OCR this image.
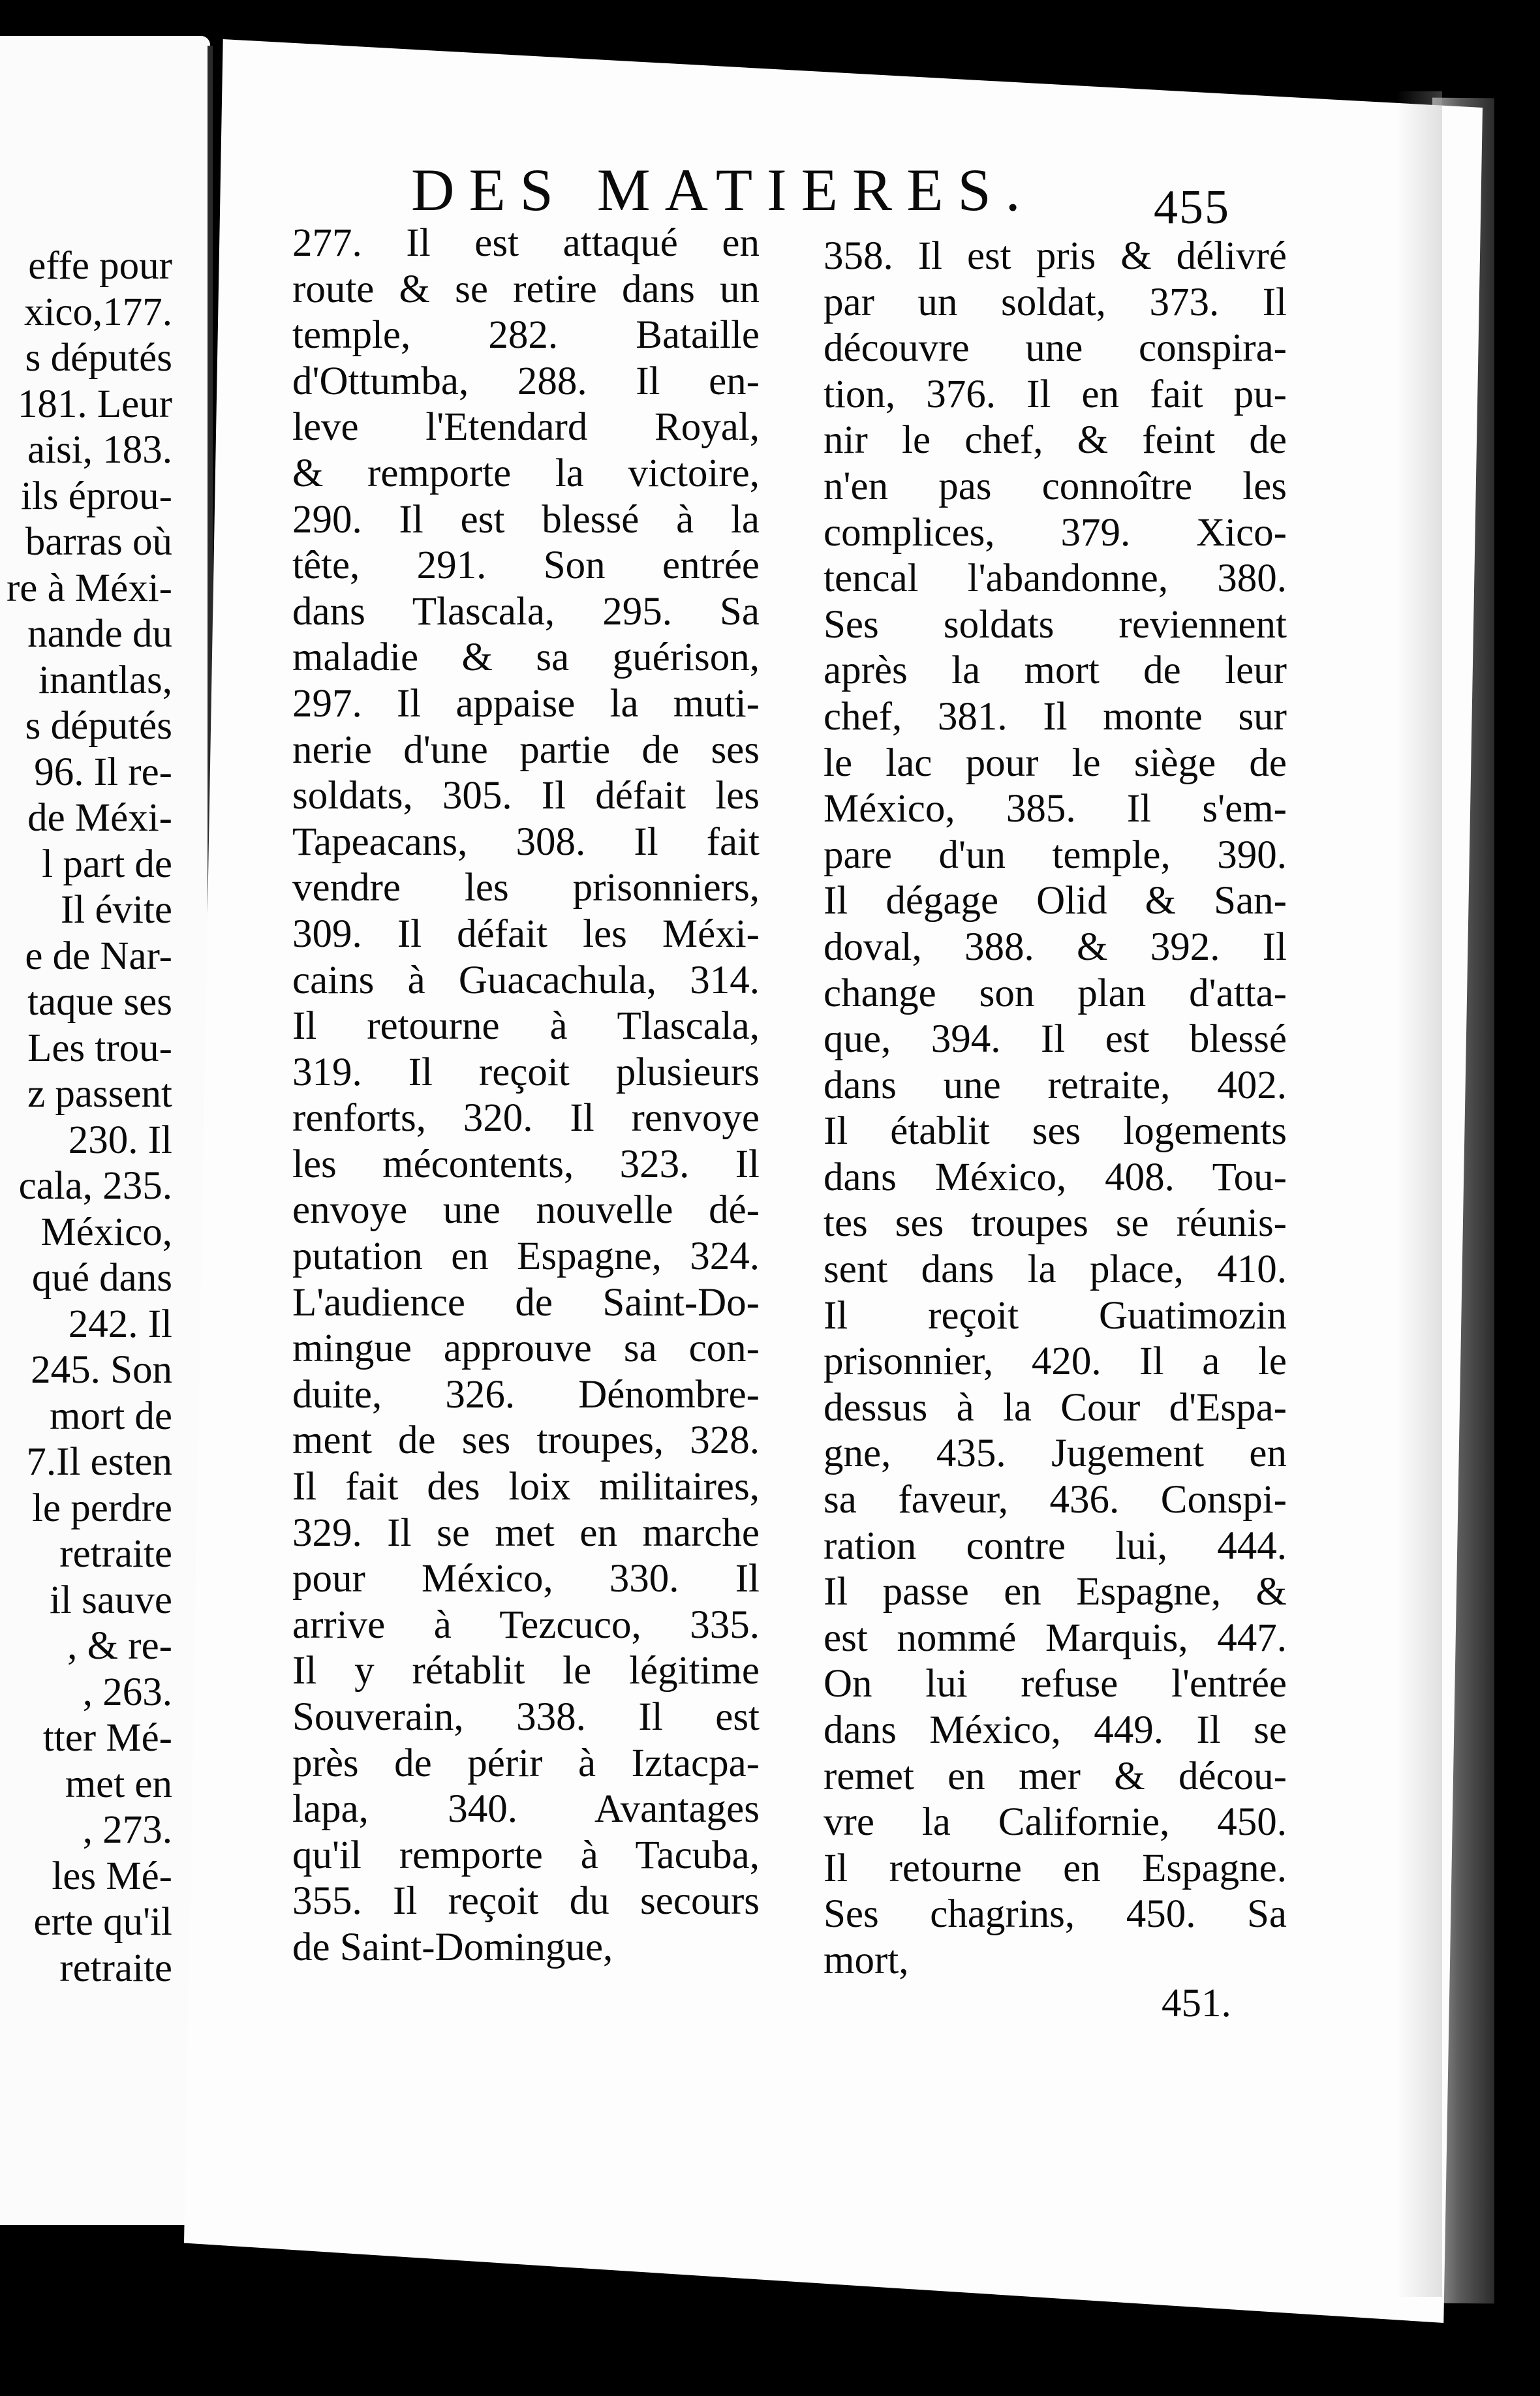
effe pour
xico,177.
s députés
181. Leur
aisi, 183.
ils éprou-
barras où
re à Méxi-
nande du
inantlas,
s députés
96. Il re-
de Méxi-
l part de
Il évite
e de Nar-
taque ses
Les trou-
z passent
230. Il
cala, 235.
México,
qué dans
242. Il
245. Son
mort de
7.Il esten
le perdre
retraite
il sauve
, & re-
, 263.
tter Mé-
met en
, 273.
les Mé-
erte qu'il
retraite
DES MATIERES.	455
277. Il est attaqué en
route & se retire dans un
temple, 282. Bataille
d'Ottumba, 288. Il en-
leve l'Etendard Royal,
& remporte la victoire,
290. Il est blessé à la
tête, 291. Son entrée
dans Tlascala, 295. Sa
maladie & sa guérison,
297. Il appaise la muti-
nerie d'une partie de ses
soldats, 305. Il défait les
Tapeacans, 308. Il fait
vendre les prisonniers,
309. Il défait les Méxi-
cains à Guacachula, 314.
Il retourne à Tlascala,
319. Il reçoit plusieurs
renforts, 320. Il renvoye
les mécontents, 323. Il
envoye une nouvelle dé-
putation en Espagne, 324.
L'audience de Saint-Do-
mingue approuve sa con-
duite, 326. Dénombre-
ment de ses troupes, 328.
Il fait des loix militaires,
329. Il se met en marche
pour México, 330. Il
arrive à Tezcuco, 335.
Il y rétablit le légitime
Souverain, 338. Il est
près de périr à Iztacpa-
lapa, 340. Avantages
qu'il remporte à Tacuba,
355. Il reçoit du secours
de Saint-Domingue,
358. Il est pris & délivré
par un soldat, 373. Il
découvre une conspira-
tion, 376. Il en fait pu-
nir le chef, & feint de
n'en pas connoître les
complices, 379. Xico-
tencal l'abandonne, 380.
Ses soldats reviennent
après la mort de leur
chef, 381. Il monte sur
le lac pour le siège de
México, 385. Il s'em-
pare d'un temple, 390.
Il dégage Olid & San-
doval, 388. & 392. Il
change son plan d'atta-
que, 394. Il est blessé
dans une retraite, 402.
Il établit ses logements
dans México, 408. Tou-
tes ses troupes se réunis-
sent dans la place, 410.
Il reçoit Guatimozin
prisonnier, 420. Il a le
dessus à la Cour d'Espa-
gne, 435. Jugement en
sa faveur, 436. Conspi-
ration contre lui, 444.
Il passe en Espagne, &
est nommé Marquis, 447.
On lui refuse l'entrée
dans México, 449. Il se
remet en mer & décou-
vre la Californie, 450.
Il retourne en Espagne.
Ses chagrins, 450. Sa
mort,
451.
